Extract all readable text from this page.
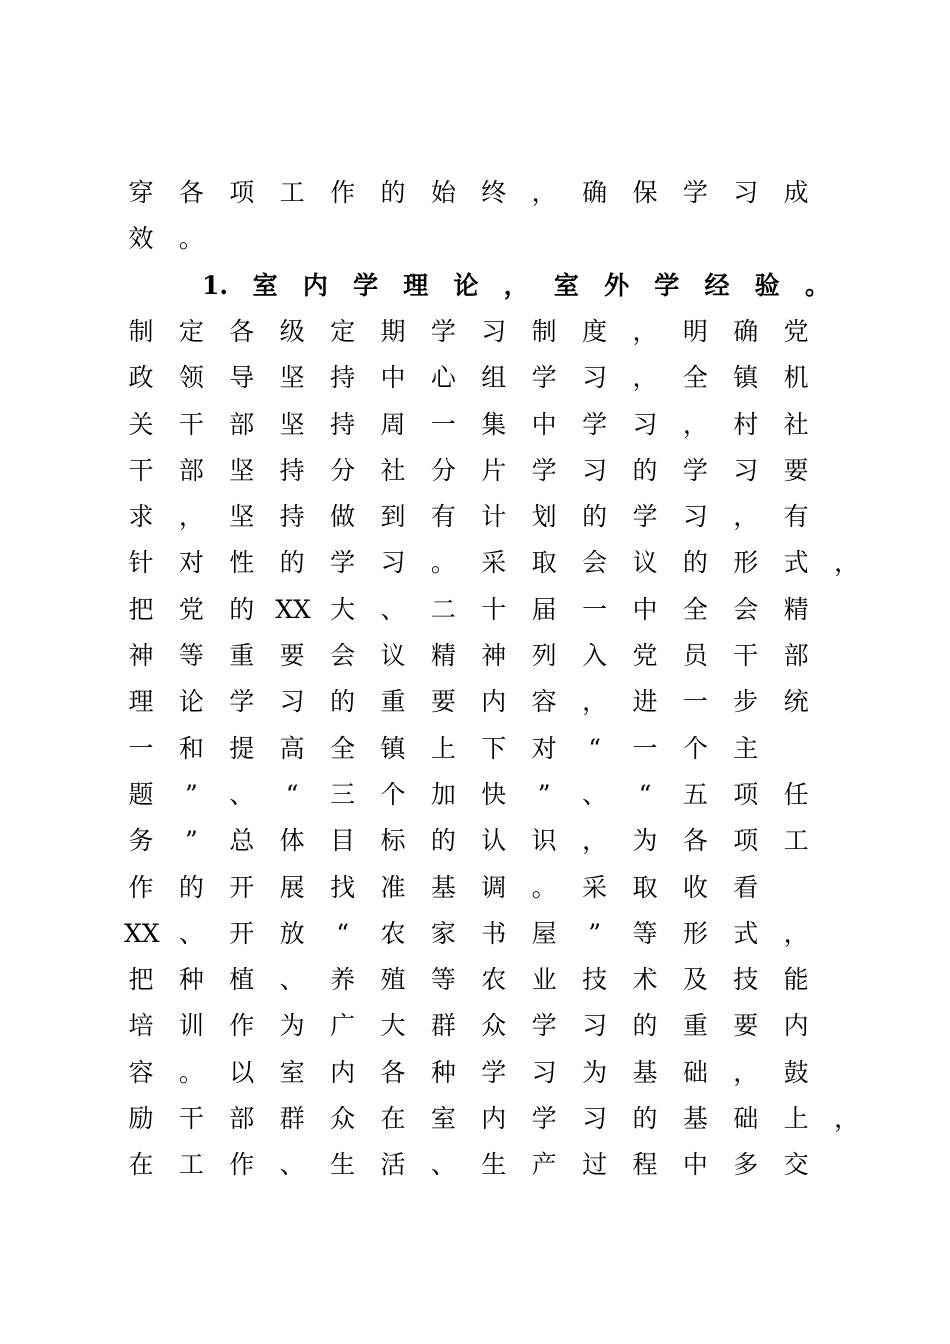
穿 各 项 工 作 的 始 终 ， 确 保 学 习 成
效 。
1. 室 内 学 理 论 ， 室 外 学 经 验 。
制 定 各 级 定 期 学 习 制 度 ， 明 确 党
政 领 导 坚 持 中 心 组 学 习 ， 全 镇 机
关 干 部 坚 持 周 一 集 中 学 习 ， 村 社
干 部 坚 持 分 社 分 片 学 习 的 学 习 要
求 ， 坚 持 做 到 有 计 划 的 学 习 ， 有
针 对 性 的 学 习 。 采 取 会 议 的 形 式 ，
把 党 的 XX 大 、 二 十 届 一 中 全 会 精
神 等 重 要 会 议 精 神 列 入 党 员 干 部
理 论 学 习 的 重 要 内 容 ， 进 一 步 统
一 和 提 高 全 镇 上 下 对	“	一 个 主
题	”	、	“	三 个 加 快	”	、	“	五 项 任
务	”	总 体 目 标 的 认 识 ， 为 各 项 工
作 的 开 展 找 准 基 调 。 采 取 收 看
XX 、 开 放	“	农 家 书 屋	”	等 形 式 ，
把 种 植 、 养 殖 等 农 业 技 术 及 技 能
培 训 作 为 广 大 群 众 学 习 的 重 要 内
容 。 以 室 内 各 种 学 习 为 基 础 ， 鼓
励 干 部 群 众 在 室 内 学 习 的 基 础 上 ，
在 工 作 、 生 活 、 生 产 过 程 中 多 交
